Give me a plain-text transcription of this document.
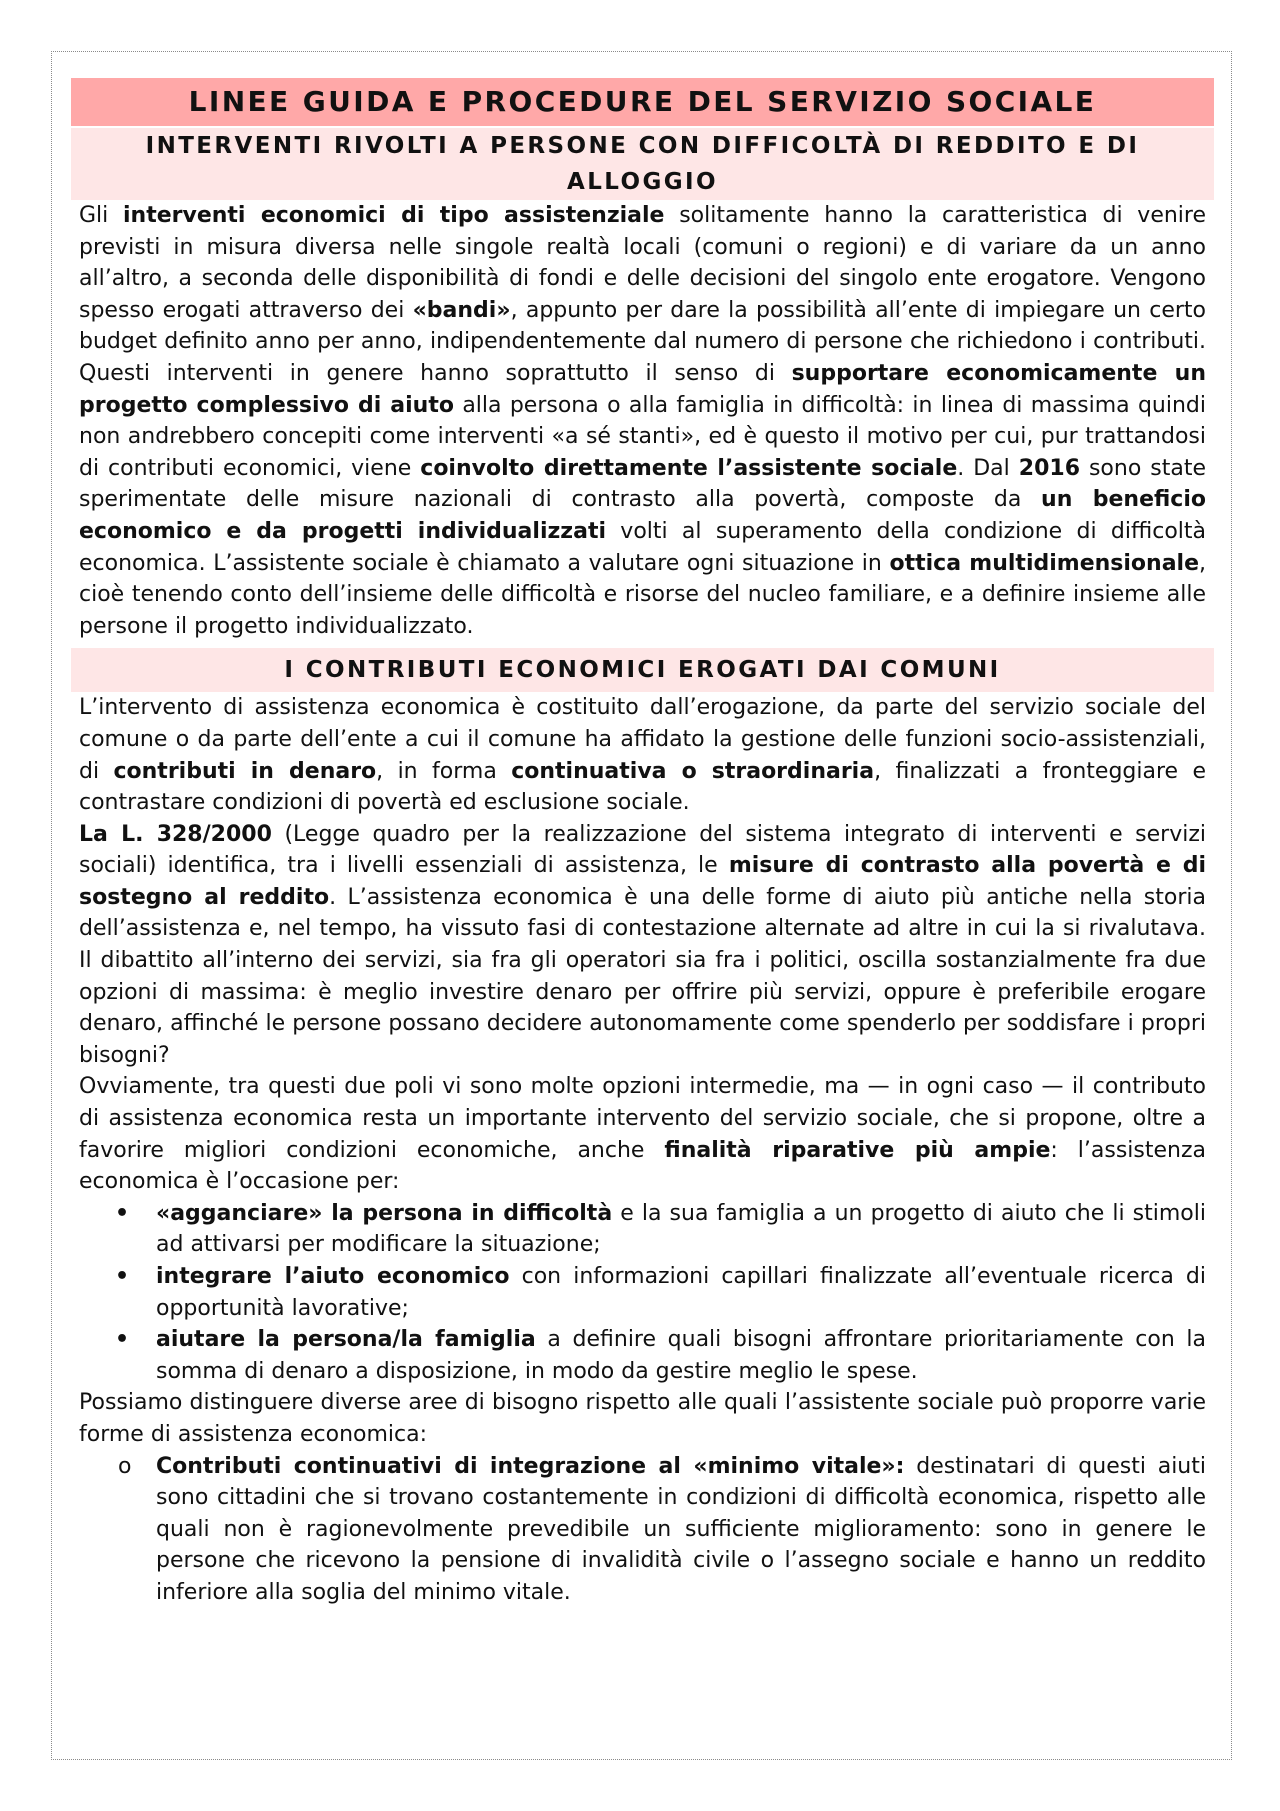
LINEE GUIDA E PROCEDURE DEL SERVIZIO SOCIALE
INTERVENTI RIVOLTI A PERSONE CON DIFFICOLTÀ DI REDDITO E DI ALLOGGIO

Gli interventi economici di tipo assistenziale solitamente hanno la caratteristica di venire previsti in misura diversa nelle singole realtà locali (comuni o regioni) e di variare da un anno all’altro, a seconda delle disponibilità di fondi e delle decisioni del singolo ente erogatore. Vengono spesso erogati attraverso dei «bandi», appunto per dare la possibilità all’ente di impiegare un certo budget definito anno per anno, indipendentemente dal numero di persone che richiedono i contributi. Questi interventi in genere hanno soprattutto il senso di supportare economicamente un progetto complessivo di aiuto alla persona o alla famiglia in difficoltà: in linea di massima quindi non andrebbero concepiti come interventi «a sé stanti», ed è questo il motivo per cui, pur trattandosi di contributi economici, viene coinvolto direttamente l’assistente sociale. Dal 2016 sono state sperimentate delle misure nazionali di contrasto alla povertà, composte da un beneficio economico e da progetti individualizzati volti al superamento della condizione di difficoltà economica. L’assistente sociale è chiamato a valutare ogni situazione in ottica multidimensionale, cioè tenendo conto dell’insieme delle difficoltà e risorse del nucleo familiare, e a definire insieme alle persone il progetto individualizzato.

I CONTRIBUTI ECONOMICI EROGATI DAI COMUNI

L’intervento di assistenza economica è costituito dall’erogazione, da parte del servizio sociale del comune o da parte dell’ente a cui il comune ha affidato la gestione delle funzioni socio-assistenziali, di contributi in denaro, in forma continuativa o straordinaria, finalizzati a fronteggiare e contrastare condizioni di povertà ed esclusione sociale.

La L. 328/2000 (Legge quadro per la realizzazione del sistema integrato di interventi e servizi sociali) identifica, tra i livelli essenziali di assistenza, le misure di contrasto alla povertà e di sostegno al reddito. L’assistenza economica è una delle forme di aiuto più antiche nella storia dell’assistenza e, nel tempo, ha vissuto fasi di contestazione alternate ad altre in cui la si rivalutava. Il dibattito all’interno dei servizi, sia fra gli operatori sia fra i politici, oscilla sostanzialmente fra due opzioni di massima: è meglio investire denaro per offrire più servizi, oppure è preferibile erogare denaro, affinché le persone possano decidere autonomamente come spenderlo per soddisfare i propri bisogni?

Ovviamente, tra questi due poli vi sono molte opzioni intermedie, ma — in ogni caso — il contributo di assistenza economica resta un importante intervento del servizio sociale, che si propone, oltre a favorire migliori condizioni economiche, anche finalità riparative più ampie: l’assistenza economica è l’occasione per:

• «agganciare» la persona in difficoltà e la sua famiglia a un progetto di aiuto che li stimoli ad attivarsi per modificare la situazione;
• integrare l’aiuto economico con informazioni capillari finalizzate all’eventuale ricerca di opportunità lavorative;
• aiutare la persona/la famiglia a definire quali bisogni affrontare prioritariamente con la somma di denaro a disposizione, in modo da gestire meglio le spese.

Possiamo distinguere diverse aree di bisogno rispetto alle quali l’assistente sociale può proporre varie forme di assistenza economica:

o Contributi continuativi di integrazione al «minimo vitale»: destinatari di questi aiuti sono cittadini che si trovano costantemente in condizioni di difficoltà economica, rispetto alle quali non è ragionevolmente prevedibile un sufficiente miglioramento: sono in genere le persone che ricevono la pensione di invalidità civile o l’assegno sociale e hanno un reddito inferiore alla soglia del minimo vitale.
